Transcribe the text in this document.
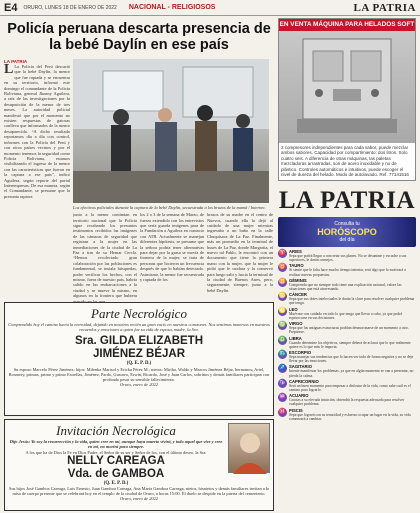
E4 ORURO, LUNES 18 DE ENERO DE 2022 NACIONAL - RELIGIOSOS	LA PATRIA
Policía peruana descarta presencia de la bebé Daylín en ese país
LA PATRIA
L La Policía del Perú descartó que la bebé Daylín, la menor que fue raptada y se encuentra en su territorio, informó este domingo el comandante de la Policía Boliviana, general Jhonny Aguilera, a raíz de las investigaciones por la desaparición de la menor de tres meses. La autoridad policial manifestó que por el momento no existen respuestas de gatosas conlleva que informados de la menor desaparecida. “A dicho resultado reportamos día a día con control, informes con la Policía del Perú y con otros países vecinos y por el momento tenemos la seguridad como Policía Boliviana, estamos visibilizando el ingreso de la menor con las características que fueron en la captura a ese país”, indicó Aguilera, según reporte del portal Interempresas. De esa manera, según el Comandante, se presume que la presunta raptora
Los efectivos policiales durante la captura de la bebé Daylín, secuestrada a los brazos de la mamá / Internet.
junto a la menor continúan en territorio nacional que la Policía sigue recabando los presuntos testimonios recibidos las imágenes de las cámaras de seguridad que registran a la mujer en las inmediaciones de la ciudad de La Paz a tras de su Hemar Cercla. “Hemos recolectado gran colaboración por las poblaciones es fundamental, se instala búsquedas, poder verificar los hechos, con el mismo, fuera de nuestro país, habría salido en las embarcaciones a la ciudad y se mueve la mismo, en algunos en la frontera que hubiera
los 2 o 3 de la semana de Marzo, de fuerzo extendido con los entrevistos que sería guarda imágenes para de la Fundación a Aguilera en contacto con ATB. Actualmente se manejan diferentes hipótesis, se presume que la señora podría tener alternativas para dejar por la grasa se movía de frontera de la mujer, se trata de personas que hicieron un frecuencia después de que lo habían detectado. Asimismo, la menor fue secuestrada y raptada de los
brazos de su madre en el centro de Nuevos, cuando ella la dejó al cuidado de una mujer mientras ingresaba a un baño en la calle Chuquisaca de La Paz. Finalmente, más un promedio en la terminal de buses de La Paz, donde Margarita, el nuevo tal Pablo, le encontró con un documento que tiene la primera mano con la mujer, que la mujer le pidió que le cuidara y la conservó para luego salir y hacia la terminal de la ciudad de Buenos Aires, pero, seguramente, siempre, junto a la bebé Daylín.
Parte Necrológico
Comprendido hoy el camino hacia la eternidad, dejando en nosotros recién un gran vacío en nuestros corazones. Nos sentimos inmersos en nuestros recuerdos y emociones a quien fue su vida de esposa, madre, la Sra.
Sra. GILDA ELIZABETH
JIMÉNEZ BÉJAR
(Q. E. P. D.)
Su esposo Marcelo Pérez Jiménez; hijos: Milenka Marisol y Ericka Pérez M.; nietos: Mirtha, Waldo y Marcos Jiménez Béjar, hermanos; Ariel, Rosmery, primas, primo y primo Estrellas, Jiménez, Pardo, Gustavo, Erwin, Ricardo, José y Juan Carlos, sobrinos y demás familiares participan con profundo pesar su sensible fallecimiento.
Oruro, enero de 2022
Invitación Necrológica
Dijo Jesús: Yo soy la resurrección y la vida, quien cree en mí, aunque haya muerto vivirá, y todo aquel que vive y cree en mí, no morirá para siempre.
A los que ha de Dios la Fe en Dios Padre, el Señor de su ser y Señor de los, con el último deseo, la Sra.
NELLY CAREAGA
Vda. de GAMBOA
(Q. E. P. D.)
Sus hijos José Gamboa Careaga, Luis Ernesto, Juan Gamboa Careaga, Ana María Gamboa Careaga, nietos, bisnietos y demás familiares invitan a la misa de cuerpo presente que se celebrará hoy en el templo de la ciudad de Oruro, a horas 15:00. El duelo se despide en la puerta del cementerio.
Oruro, enero de 2022
EN VENTA MÁQUINA PARA HELADOS SOFT
2 compresores independientes para cada sabor, puede mezclar ambos sabores. Capacidad por compartimiento: dos litros. Solo cuatro seis. A diferencia de otras máquinas, las paletas mezcladoras arrastradas, son de acero inoxidable y no de plástico. Controles automáticos e intuitivos, puede escoger el nivel de dureza del helado. Modo de autolavado. Ref. 77141516
LA PATRIA
Consulta tu
HORÓSCOPO
del día
♈ ARIES
Sepa que podrá llegar a concretar sus planes. No se desanime y escuche a sus superiores, le darán consejos.
♉ TAURO
Si siente que le falta hace mucho tiempo intentar, será algo que lo motivará a realizar nuevas propuestas.
♊ GÉMINIS
Comprenda que no siempre todo tiene una explicación racional, valore las situaciones que está atravesando.
♋ CÁNCER
Sepa que sus dotes intelectuales le darán la clave para resolver cualquier problema que tenga.
♌ LEO
Muévase con cuidado en todo lo que tenga que llevar a cabo, ya que podrá equivocarse en sus decisiones.
♍ VIRGO
Sepa que las antiguas estructuras podrían desmoronarse de un momento a otro. Prepárese.
♎ LIBRA
Cuando determine los objetivos, siempre deberá de aclarar que lo que realmente quiere es lo que más le importa.
♏ ESCORPIO
Sepa manejar sus tendencias que lo hacen ver todo de forma negativa y no se deje llevar por las emociones.
♐ SAGITARIO
Intente manifestar los problemas, ya que en algún momento se van a presentar, no pierda la calma.
♑ CAPRICORNIO
Será un buen momento para empezar a disfrutar de la vida, como sabe cuál es el camino para lograrlo.
♒ ACUARIO
Gracias a su elevada intuición, obtendrá la respuesta adecuada para resolver cualquier problema.
♓ PISCIS
Sepa que logrará con su tenacidad y esfuerzo ocupar un lugar en la vida, su vida comenzará a cambiar.
